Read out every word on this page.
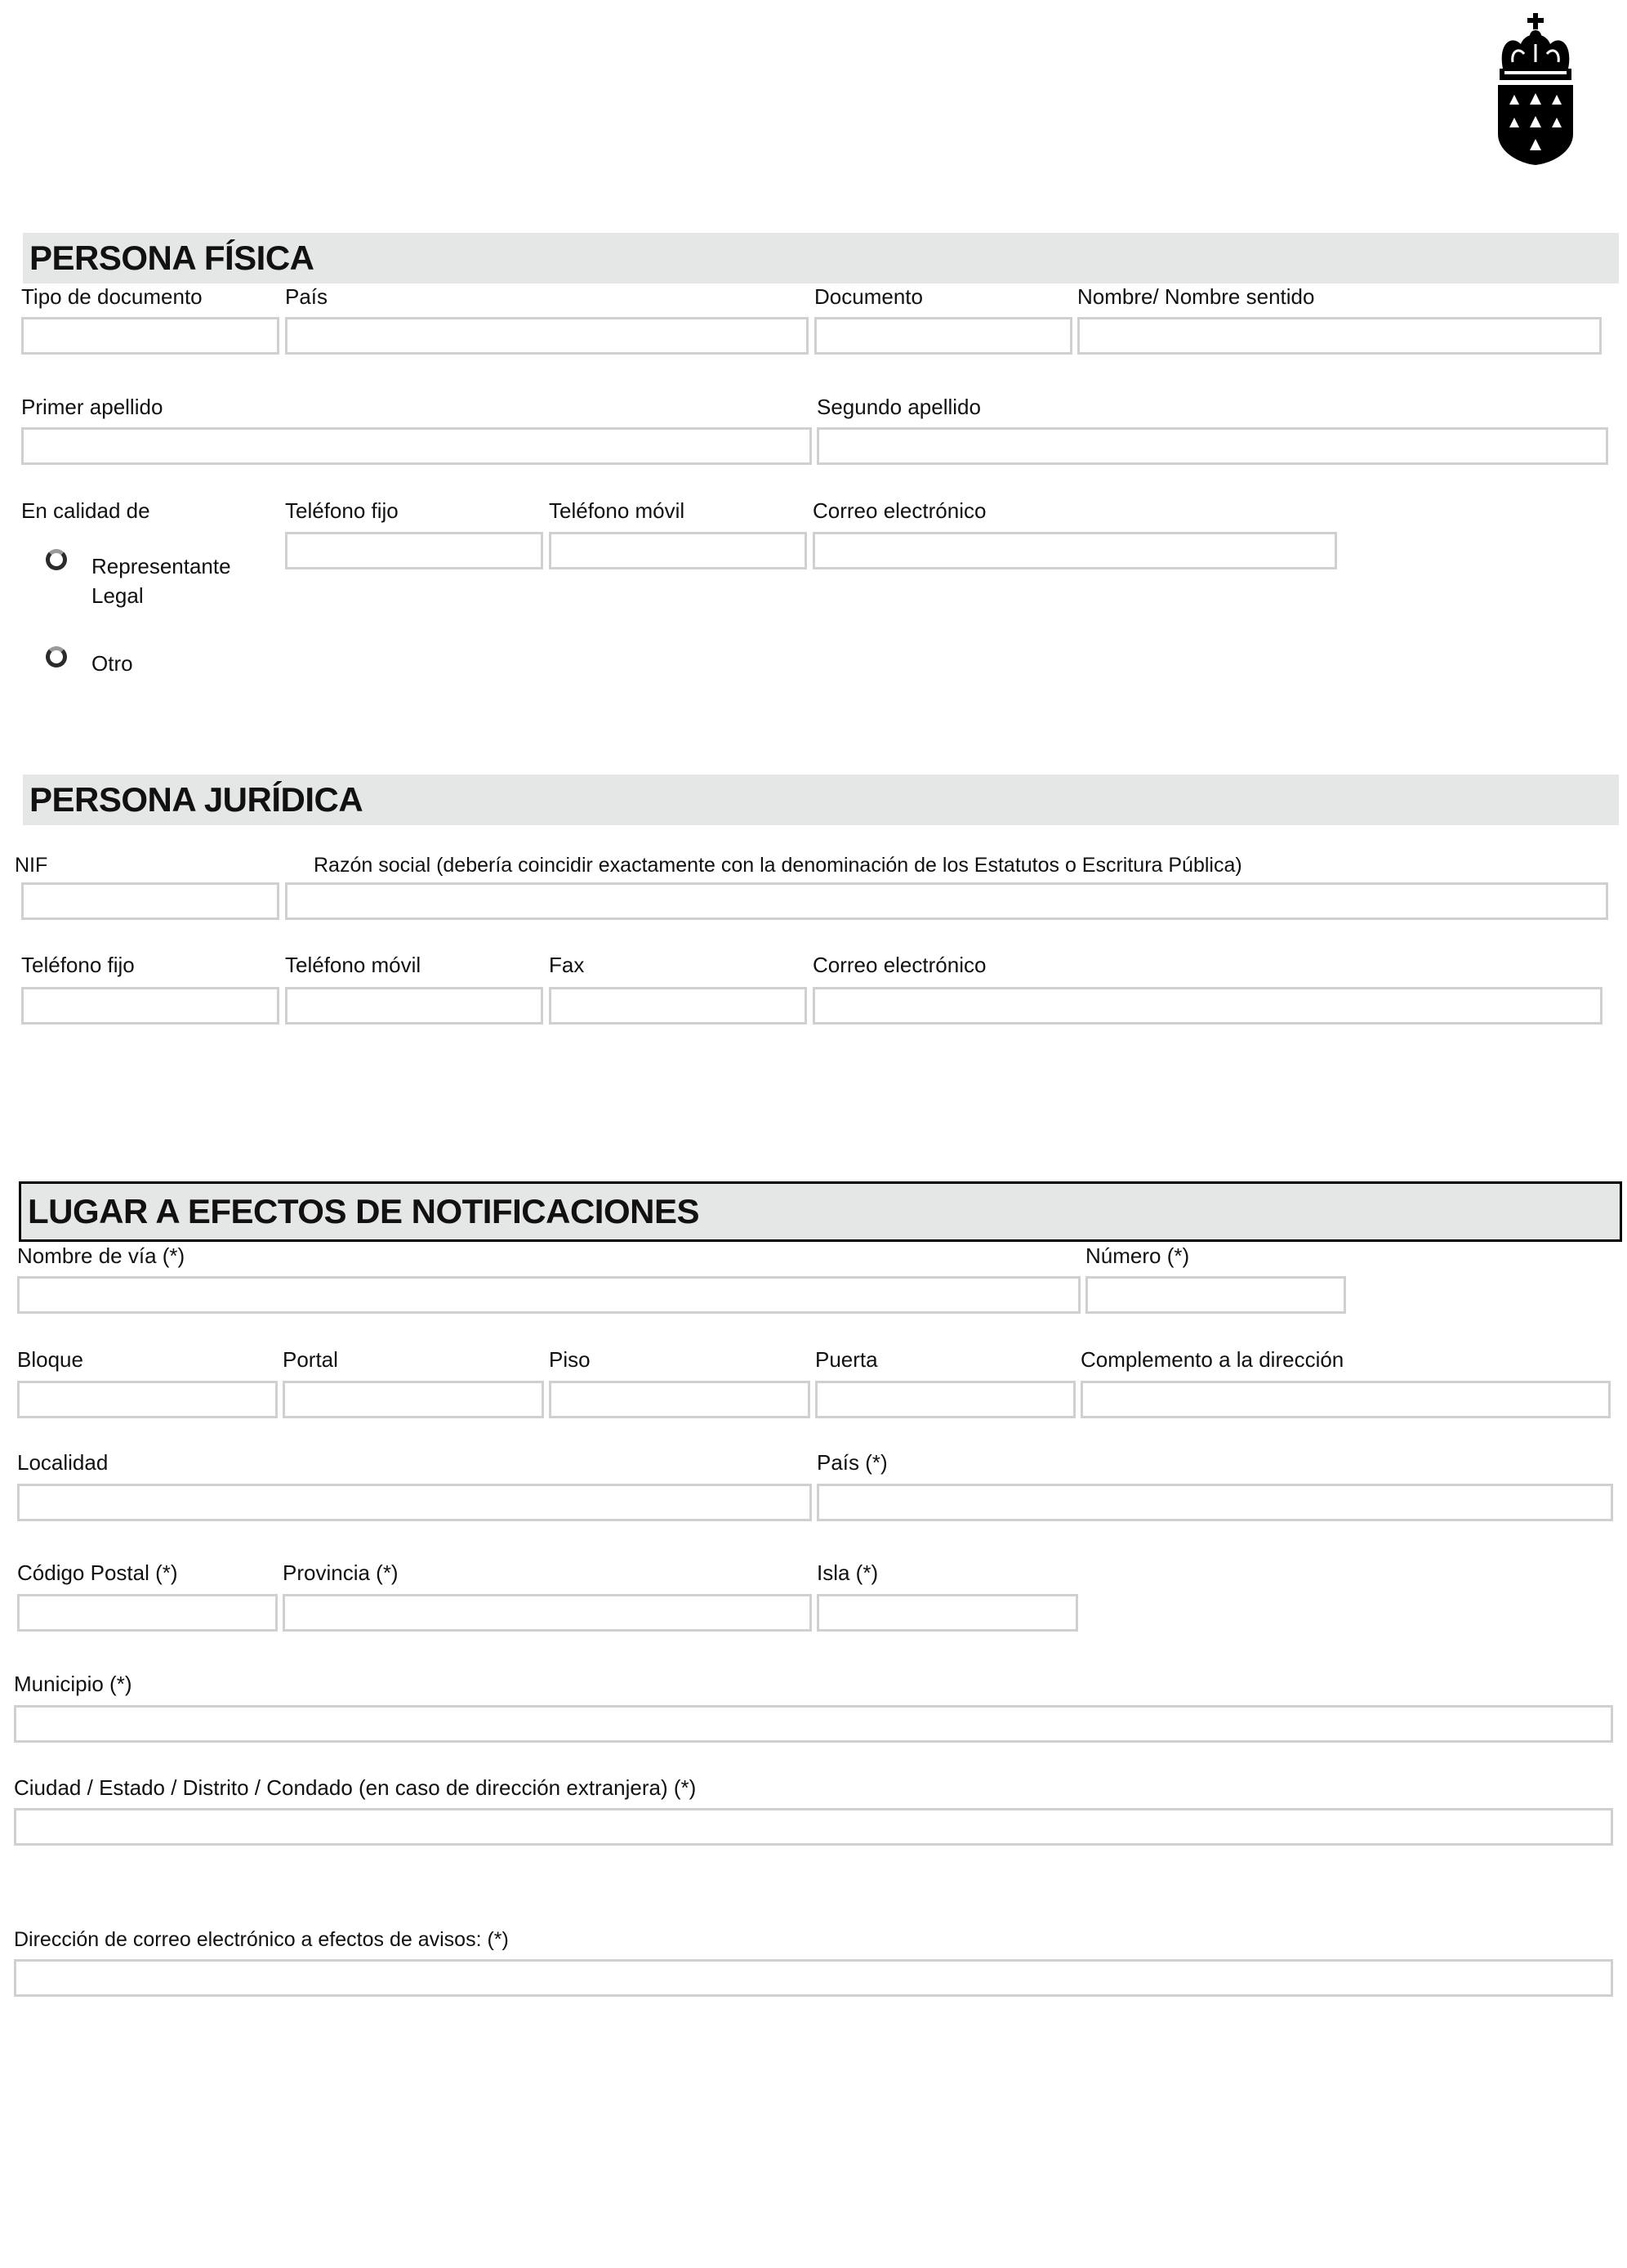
PERSONA FÍSICA
Tipo de documento	País	Documento	Nombre/ Nombre sentido
Primer apellido	Segundo apellido
En calidad de	Teléfono fijo	Teléfono móvil	Correo electrónico
Representante Legal
Otro
PERSONA JURÍDICA
NIF	Razón social (debería coincidir exactamente con la denominación de los Estatutos o Escritura Pública)
Teléfono fijo	Teléfono móvil	Fax	Correo electrónico
LUGAR A EFECTOS DE NOTIFICACIONES
Nombre de vía (*)	Número (*)
Bloque	Portal	Piso	Puerta	Complemento a la dirección
Localidad	País (*)
Código Postal (*)	Provincia (*)	Isla (*)
Municipio (*)
Ciudad / Estado / Distrito / Condado (en caso de dirección extranjera) (*)
Dirección de correo electrónico a efectos de avisos: (*)
